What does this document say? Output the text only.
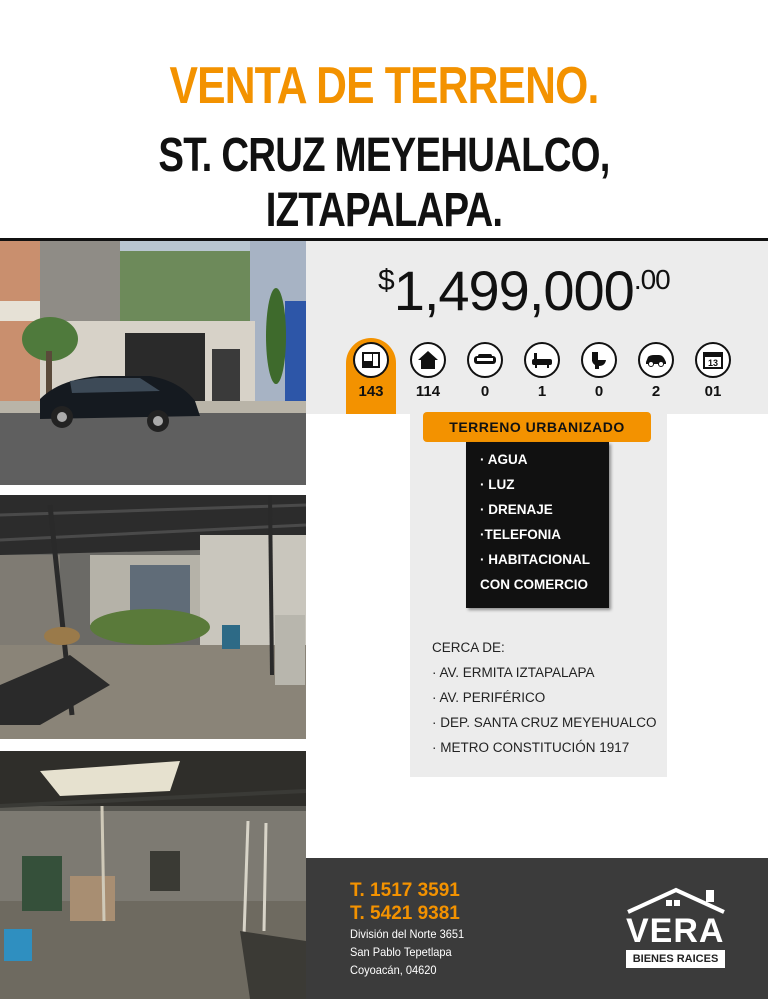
VENTA DE TERRENO.
ST. CRUZ MEYEHUALCO, IZTAPALAPA.
$^{\$}1,499,000^{.00}$
143	114	0	1	0	2
13
01
TERRENO URBANIZADO
· AGUA
· LUZ
· DRENAJE
·TELEFONIA
· HABITACIONAL
CON COMERCIO
CERCA DE:
· AV. ERMITA IZTAPALAPA
· AV. PERIFÉRICO
· DEP. SANTA CRUZ MEYEHUALCO
· METRO CONSTITUCIÓN 1917
T. 1517 3591
T. 5421 9381
División del Norte 3651
San Pablo Tepetlapa
Coyoacán, 04620
VERA
BIENES RAICES
